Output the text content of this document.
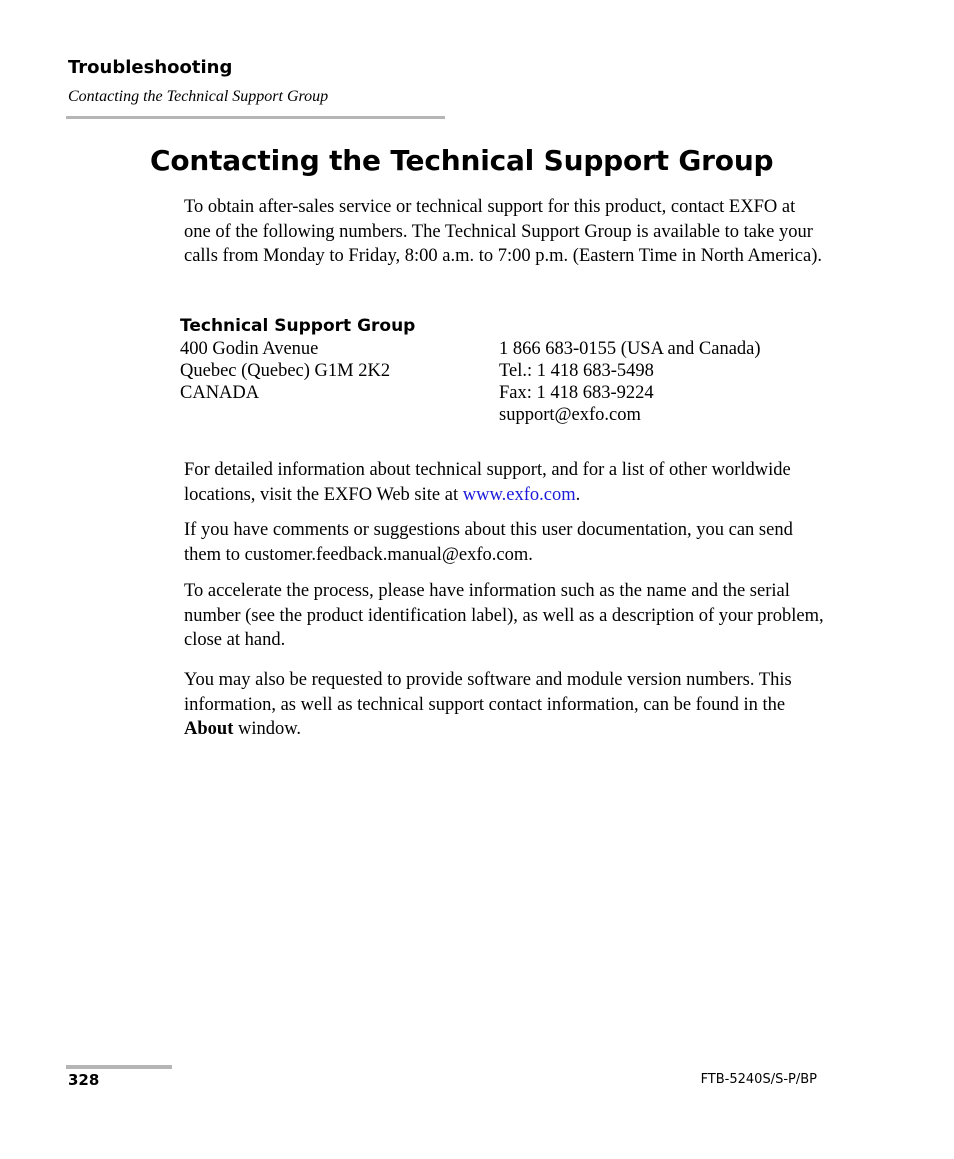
Troubleshooting
Contacting the Technical Support Group
Contacting the Technical Support Group

To obtain after-sales service or technical support for this product, contact EXFO at one of the following numbers. The Technical Support Group is available to take your calls from Monday to Friday, 8:00 a.m. to 7:00 p.m. (Eastern Time in North America).

Technical Support Group
400 Godin Avenue
Quebec (Quebec) G1M 2K2
CANADA
1 866 683-0155 (USA and Canada)
Tel.: 1 418 683-5498
Fax: 1 418 683-9224
support@exfo.com

For detailed information about technical support, and for a list of other worldwide locations, visit the EXFO Web site at www.exfo.com.

If you have comments or suggestions about this user documentation, you can send them to customer.feedback.manual@exfo.com.

To accelerate the process, please have information such as the name and the serial number (see the product identification label), as well as a description of your problem, close at hand.

You may also be requested to provide software and module version numbers. This information, as well as technical support contact information, can be found in the About window.

328	FTB-5240S/S-P/BP
